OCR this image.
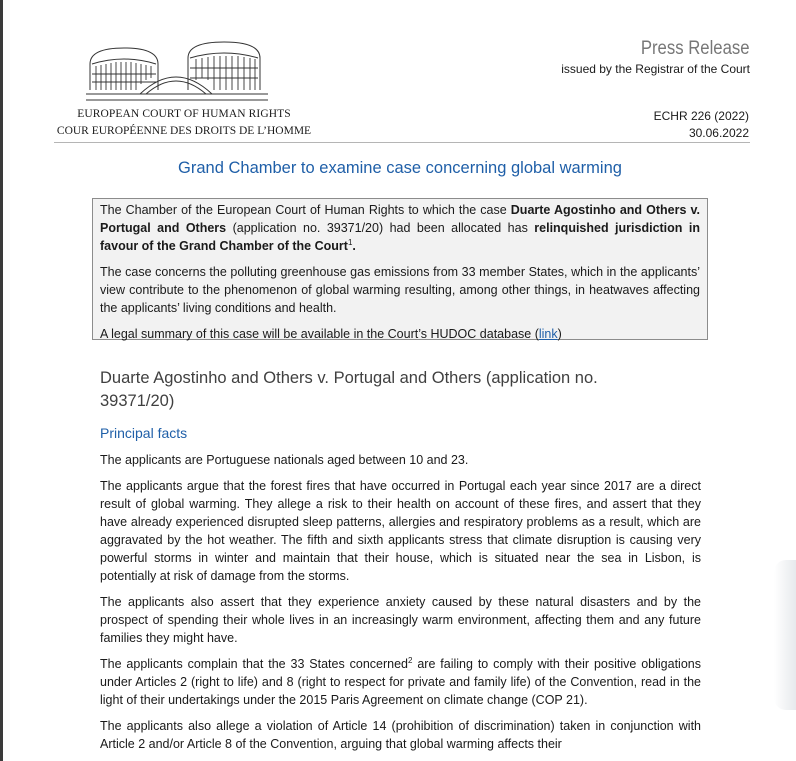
EUROPEAN COURT OF HUMAN RIGHTS
COUR EUROPÉENNE DES DROITS DE L’HOMME
Press Release
issued by the Registrar of the Court
ECHR 226 (2022)
30.06.2022
Grand Chamber to examine case concerning global warming

The Chamber of the European Court of Human Rights to which the case Duarte Agostinho and Others v. Portugal and Others (application no. 39371/20) had been allocated has relinquished jurisdiction in favour of the Grand Chamber of the Court$^1$.

The case concerns the polluting greenhouse gas emissions from 33 member States, which in the applicants’ view contribute to the phenomenon of global warming resulting, among other things, in heatwaves affecting the applicants’ living conditions and health.

A legal summary of this case will be available in the Court’s HUDOC database (link)

Duarte Agostinho and Others v. Portugal and Others (application no. 39371/20)
Principal facts

The applicants are Portuguese nationals aged between 10 and 23.

The applicants argue that the forest fires that have occurred in Portugal each year since 2017 are a direct result of global warming. They allege a risk to their health on account of these fires, and assert that they have already experienced disrupted sleep patterns, allergies and respiratory problems as a result, which are aggravated by the hot weather. The fifth and sixth applicants stress that climate disruption is causing very powerful storms in winter and maintain that their house, which is situated near the sea in Lisbon, is potentially at risk of damage from the storms.

The applicants also assert that they experience anxiety caused by these natural disasters and by the prospect of spending their whole lives in an increasingly warm environment, affecting them and any future families they might have.

The applicants complain that the 33 States concerned$^2$ are failing to comply with their positive obligations under Articles 2 (right to life) and 8 (right to respect for private and family life) of the Convention, read in the light of their undertakings under the 2015 Paris Agreement on climate change (COP 21).

The applicants also allege a violation of Article 14 (prohibition of discrimination) taken in conjunction with Article 2 and/or Article 8 of the Convention, arguing that global warming affects their
